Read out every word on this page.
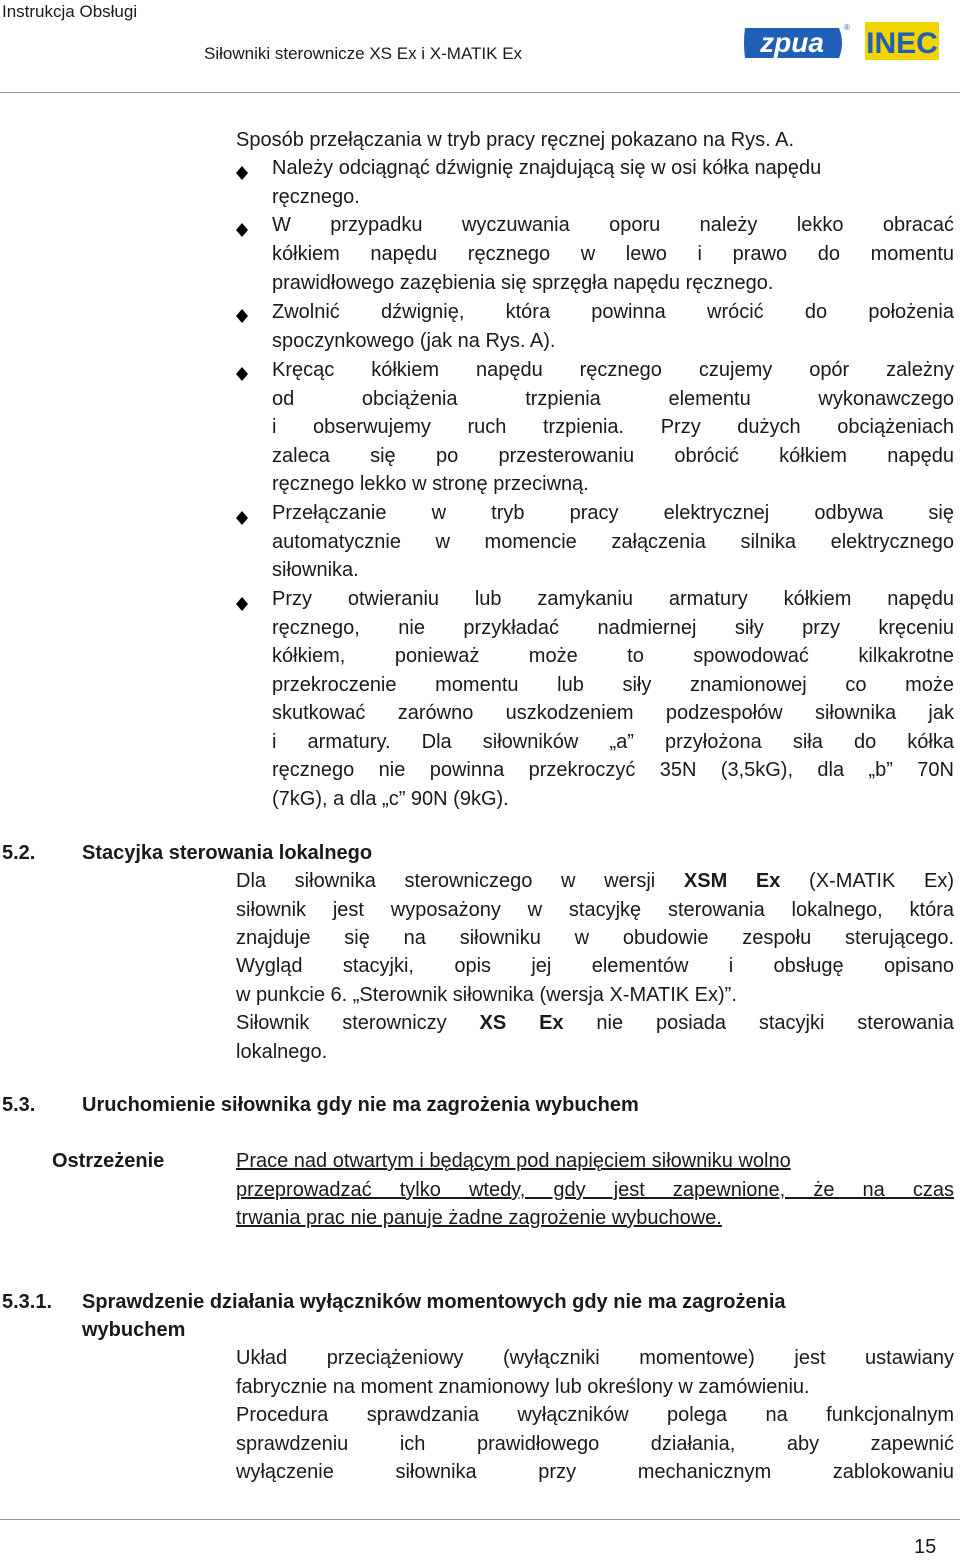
Instrukcja Obsługi
Siłowniki sterownicze XS Ex i X-MATIK Ex	zpua	® INEC
Sposób przełączania w tryb pracy ręcznej pokazano na Rys. A.
Należy odciągnąć dźwignię znajdującą się w osi kółka napędu
ręcznego.
W przypadku wyczuwania oporu należy lekko obracać
kółkiem napędu ręcznego w lewo i prawo do momentu
prawidłowego zazębienia się sprzęgła napędu ręcznego.
Zwolnić dźwignię, która powinna wrócić do położenia
spoczynkowego (jak na Rys. A).
Kręcąc kółkiem napędu ręcznego czujemy opór zależny
od obciążenia trzpienia elementu wykonawczego
i obserwujemy ruch trzpienia. Przy dużych obciążeniach
zaleca się po przesterowaniu obrócić kółkiem napędu
ręcznego lekko w stronę przeciwną.
Przełączanie w tryb pracy elektrycznej odbywa się
automatycznie w momencie załączenia silnika elektrycznego
siłownika.
Przy otwieraniu lub zamykaniu armatury kółkiem napędu
ręcznego, nie przykładać nadmiernej siły przy kręceniu
kółkiem, ponieważ może to spowodować kilkakrotne
przekroczenie momentu lub siły znamionowej co może
skutkować zarówno uszkodzeniem podzespołów siłownika jak
i armatury. Dla siłowników „a” przyłożona siła do kółka
ręcznego nie powinna przekroczyć 35N (3,5kG), dla „b” 70N
(7kG), a dla „c” 90N (9kG).
5.2. Stacyjka sterowania lokalnego
Dla siłownika sterowniczego w wersji XSM Ex (X-MATIK Ex)
siłownik jest wyposażony w stacyjkę sterowania lokalnego, która
znajduje się na siłowniku w obudowie zespołu sterującego.
Wygląd stacyjki, opis jej elementów i obsługę opisano
w punkcie 6. „Sterownik siłownika (wersja X-MATIK Ex)”.
Siłownik sterowniczy XS Ex nie posiada stacyjki sterowania
lokalnego.
5.3. Uruchomienie siłownika gdy nie ma zagrożenia wybuchem
Ostrzeżenie	Prace nad otwartym i będącym pod napięciem siłowniku wolno
przeprowadzać tylko wtedy, gdy jest zapewnione, że na czas
trwania prac nie panuje żadne zagrożenie wybuchowe.
5.3.1. Sprawdzenie działania wyłączników momentowych gdy nie ma zagrożenia
wybuchem
Układ przeciążeniowy (wyłączniki momentowe) jest ustawiany
fabrycznie na moment znamionowy lub określony w zamówieniu.
Procedura sprawdzania wyłączników polega na funkcjonalnym
sprawdzeniu ich prawidłowego działania, aby zapewnić
wyłączenie siłownika przy mechanicznym zablokowaniu
15
